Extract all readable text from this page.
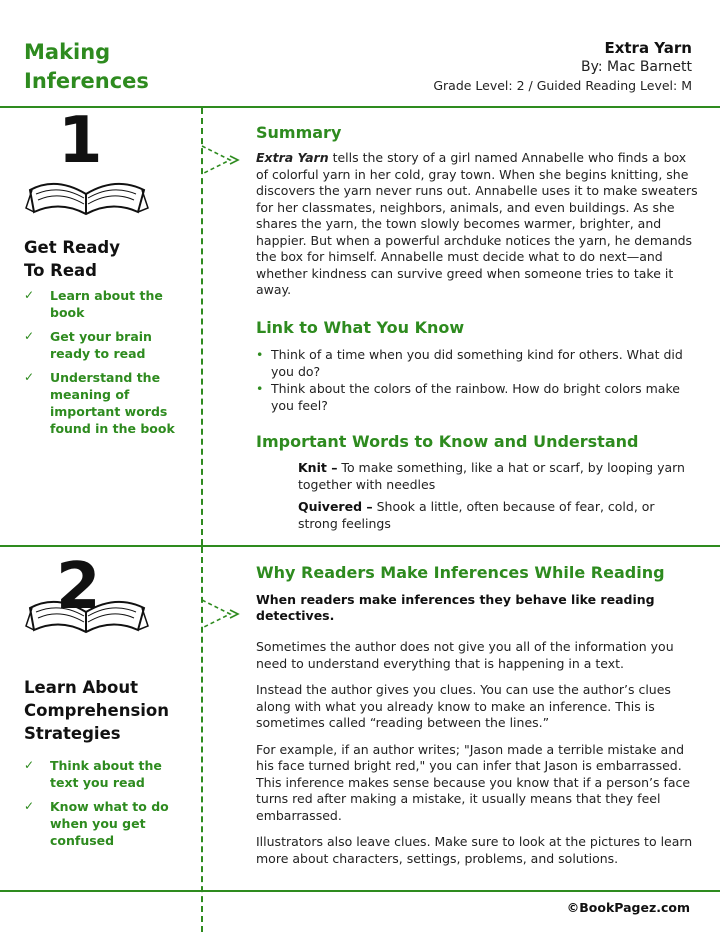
Making Inferences
Extra Yarn
By: Mac Barnett
Grade Level: 2 / Guided Reading Level: M
1
Get Ready
To Read
✓	Learn about the book
✓	Get your brain ready to read
✓	Understand the meaning of important words found in the book
Summary
Extra Yarn tells the story of a girl named Annabelle who finds a box of colorful yarn in her cold, gray town. When she begins knitting, she discovers the yarn never runs out. Annabelle uses it to make sweaters for her classmates, neighbors, animals, and even buildings. As she shares the yarn, the town slowly becomes warmer, brighter, and happier. But when a powerful archduke notices the yarn, he demands the box for himself. Annabelle must decide what to do next—and whether kindness can survive greed when someone tries to take it away.
Link to What You Know
• Think of a time when you did something kind for others. What did you do?
• Think about the colors of the rainbow. How do bright colors make you feel?
Important Words to Know and Understand
Knit – To make something, like a hat or scarf, by looping yarn together with needles
Quivered – Shook a little, often because of fear, cold, or strong feelings
2
Learn About
Comprehension
Strategies
✓	Think about the text you read
✓	Know what to do when you get confused
Why Readers Make Inferences While Reading
When readers make inferences they behave like reading detectives.

Sometimes the author does not give you all of the information you need to understand everything that is happening in a text.

Instead the author gives you clues. You can use the author’s clues along with what you already know to make an inference. This is sometimes called “reading between the lines.”

For example, if an author writes; "Jason made a terrible mistake and his face turned bright red," you can infer that Jason is embarrassed. This inference makes sense because you know that if a person’s face turns red after making a mistake, it usually means that they feel embarrassed.

Illustrators also leave clues. Make sure to look at the pictures to learn more about characters, settings, problems, and solutions.

©BookPagez.com
